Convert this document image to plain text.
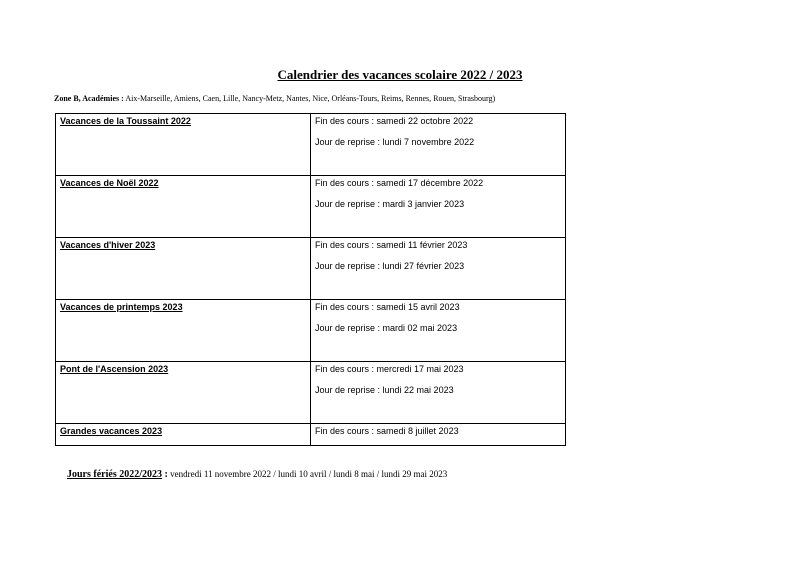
Calendrier des vacances scolaire 2022 / 2023
Zone B, Académies : Aix-Marseille, Amiens, Caen, Lille, Nancy-Metz, Nantes, Nice, Orléans-Tours, Reims, Rennes, Rouen, Strasbourg)
Vacances de la Toussaint 2022	Fin des cours : samedi 22 octobre 2022
Jour de reprise : lundi 7 novembre 2022

Vacances de Noël 2022	Fin des cours : samedi 17 décembre 2022
Jour de reprise : mardi 3 janvier 2023

Vacances d'hiver 2023	Fin des cours : samedi 11 février 2023
Jour de reprise : lundi 27 février 2023

Vacances de printemps 2023	Fin des cours : samedi 15 avril 2023
Jour de reprise : mardi 02 mai 2023

Pont de l'Ascension 2023	Fin des cours : mercredi 17 mai 2023
Jour de reprise : lundi 22 mai 2023

Grandes vacances 2023	Fin des cours : samedi 8 juillet 2023
Jours fériés 2022/2023 : vendredi 11 novembre 2022 / lundi 10 avril / lundi 8 mai / lundi 29 mai 2023
